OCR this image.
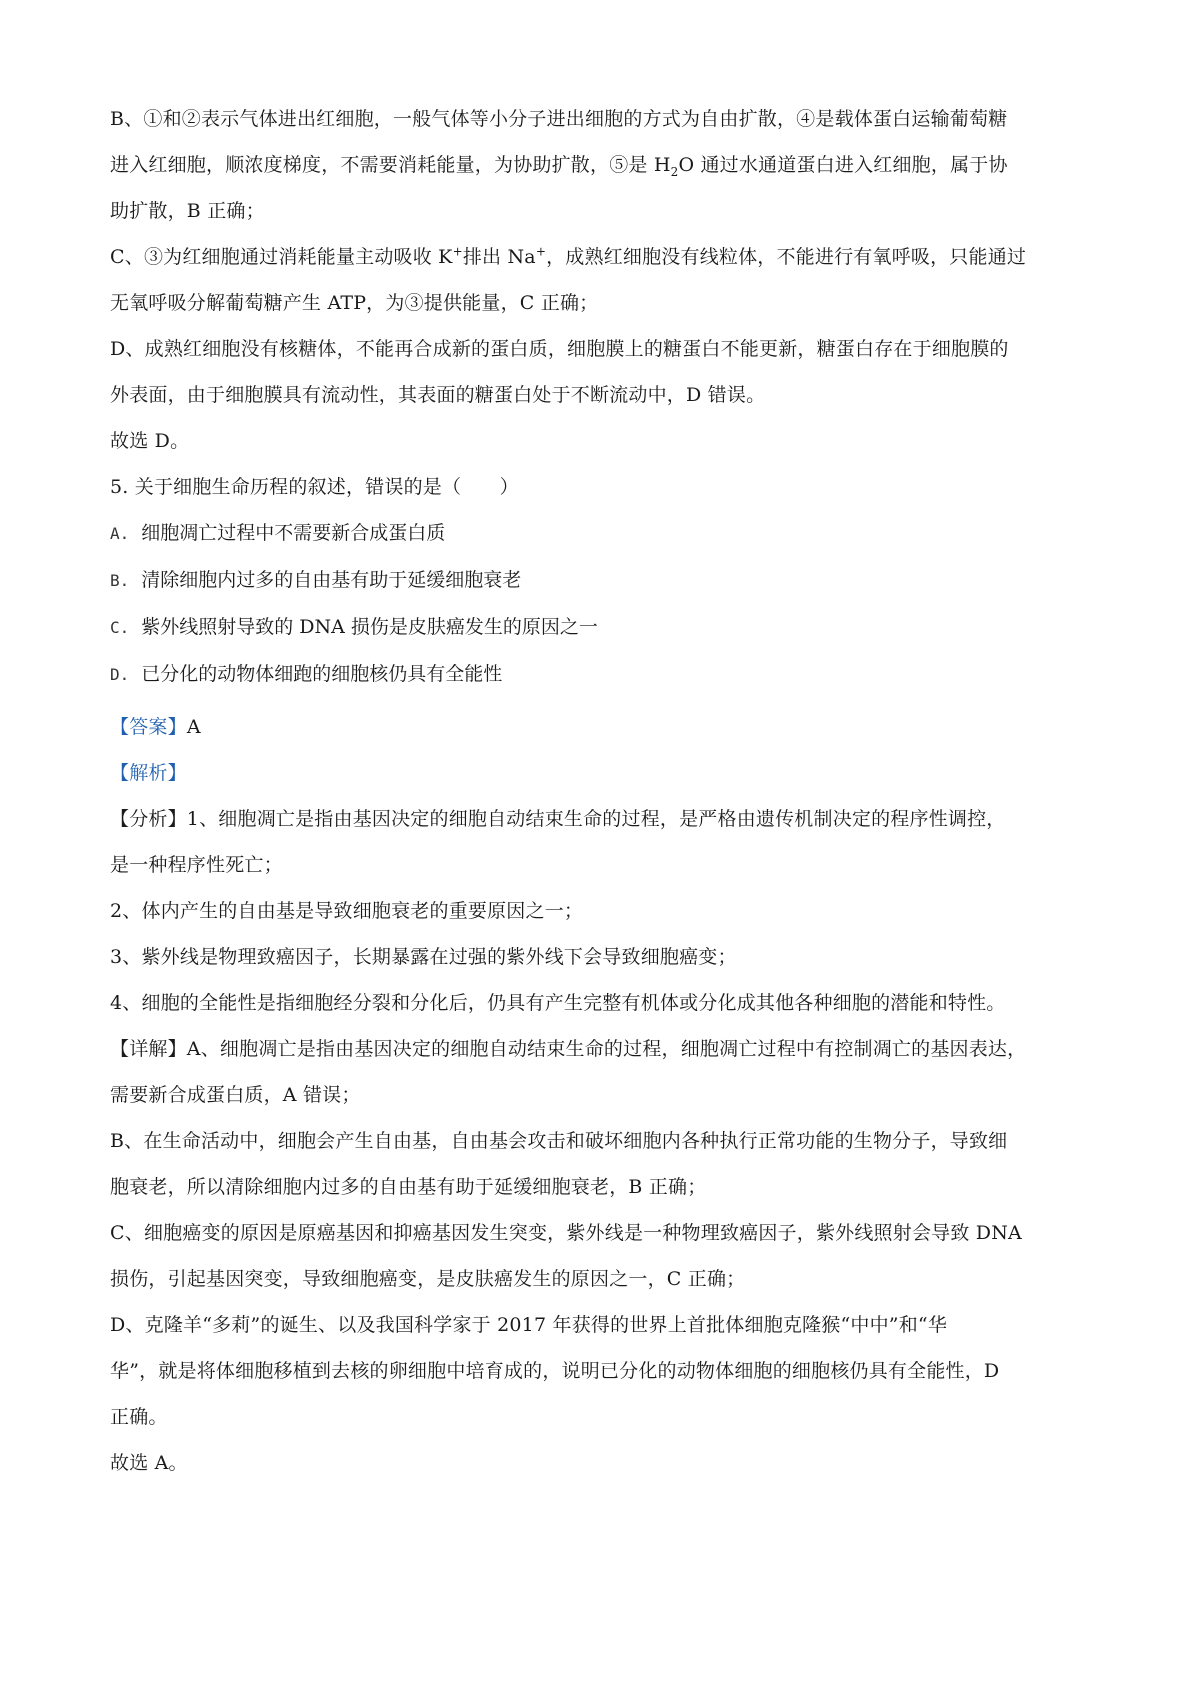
B、①和②表示气体进出红细胞，一般气体等小分子进出细胞的方式为自由扩散，④是载体蛋白运输葡萄糖

进入红细胞，顺浓度梯度，不需要消耗能量，为协助扩散，⑤是 $H_2O$ 通过水通道蛋白进入红细胞，属于协

助扩散，B 正确；

C、③为红细胞通过消耗能量主动吸收 K+排出 Na+，成熟红细胞没有线粒体，不能进行有氧呼吸，只能通过

无氧呼吸分解葡萄糖产生 ATP，为③提供能量，C 正确；

D、成熟红细胞没有核糖体，不能再合成新的蛋白质，细胞膜上的糖蛋白不能更新，糖蛋白存在于细胞膜的

外表面，由于细胞膜具有流动性，其表面的糖蛋白处于不断流动中，D 错误。

故选 D。

5. 关于细胞生命历程的叙述，错误的是（　　）

A. 细胞凋亡过程中不需要新合成蛋白质
B. 清除细胞内过多的自由基有助于延缓细胞衰老
C. 紫外线照射导致的 DNA 损伤是皮肤癌发生的原因之一
D. 已分化的动物体细跑的细胞核仍具有全能性

【答案】A

【解析】

【分析】1、细胞凋亡是指由基因决定的细胞自动结束生命的过程，是严格由遗传机制决定的程序性调控，

是一种程序性死亡；

2、体内产生的自由基是导致细胞衰老的重要原因之一；

3、紫外线是物理致癌因子，长期暴露在过强的紫外线下会导致细胞癌变；

4、细胞的全能性是指细胞经分裂和分化后，仍具有产生完整有机体或分化成其他各种细胞的潜能和特性。

【详解】A、细胞凋亡是指由基因决定的细胞自动结束生命的过程，细胞凋亡过程中有控制凋亡的基因表达，

需要新合成蛋白质，A 错误；

B、在生命活动中，细胞会产生自由基，自由基会攻击和破坏细胞内各种执行正常功能的生物分子，导致细

胞衰老，所以清除细胞内过多的自由基有助于延缓细胞衰老，B 正确；

C、细胞癌变的原因是原癌基因和抑癌基因发生突变，紫外线是一种物理致癌因子，紫外线照射会导致 DNA

损伤，引起基因突变，导致细胞癌变，是皮肤癌发生的原因之一，C 正确；

D、克隆羊“多莉”的诞生、以及我国科学家于 2017 年获得的世界上首批体细胞克隆猴“中中”和“华

华”，就是将体细胞移植到去核的卵细胞中培育成的，说明已分化的动物体细胞的细胞核仍具有全能性，D

正确。

故选 A。
